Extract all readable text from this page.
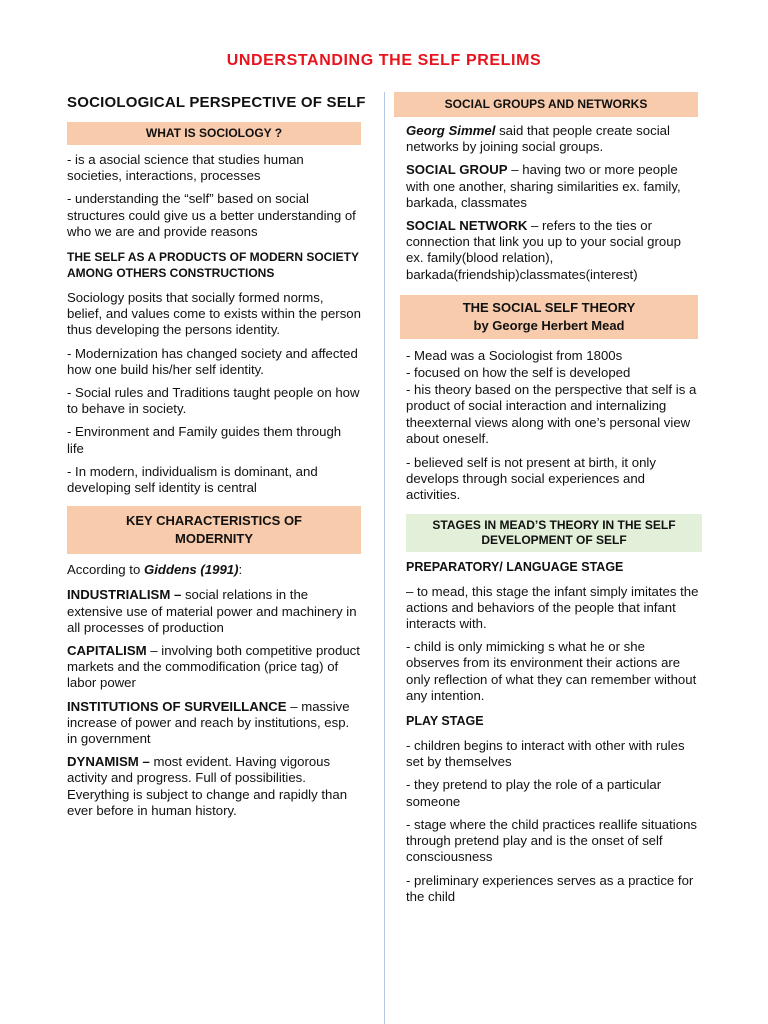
UNDERSTANDING THE SELF PRELIMS
SOCIOLOGICAL PERSPECTIVE OF SELF
WHAT IS SOCIOLOGY ?

- is a asocial science that studies human societies, interactions, processes

- understanding the “self” based on social structures could give us a better understanding of who we are and provide reasons

THE SELF AS A PRODUCTS OF MODERN SOCIETY AMONG OTHERS CONSTRUCTIONS

Sociology posits that socially formed norms, belief, and values come to exists within the person thus developing the persons identity.

- Modernization has changed society and affected how one build his/her self identity.

- Social rules and Traditions taught people on how to behave in society.

- Environment and Family guides them through life

- In modern, individualism is dominant, and developing self identity is central

KEY CHARACTERISTICS OF MODERNITY

According to Giddens (1991):

INDUSTRIALISM – social relations in the extensive use of material power and machinery in all processes of production

CAPITALISM – involving both competitive product markets and the commodification (price tag) of labor power

INSTITUTIONS OF SURVEILLANCE – massive increase of power and reach by institutions, esp. in government

DYNAMISM – most evident. Having vigorous activity and progress. Full of possibilities. Everything is subject to change and rapidly than ever before in human history.

SOCIAL GROUPS AND NETWORKS

Georg Simmel said that people create social networks by joining social groups.

SOCIAL GROUP – having two or more people with one another, sharing similarities ex. family, barkada, classmates

SOCIAL NETWORK – refers to the ties or connection that link you up to your social group ex. family(blood relation), barkada(friendship)classmates(interest)

THE SOCIAL SELF THEORY
by George Herbert Mead

- Mead was a Sociologist from 1800s

- focused on how the self is developed

- his theory based on the perspective that self is a product of social interaction and internalizing theexternal views along with one’s personal view about oneself.

- believed self is not present at birth, it only develops through social experiences and activities.

STAGES IN MEAD’S THEORY IN THE SELF DEVELOPMENT OF SELF

PREPARATORY/ LANGUAGE STAGE

– to mead, this stage the infant simply imitates the actions and behaviors of the people that infant interacts with.

- child is only mimicking s what he or she observes from its environment their actions are only reflection of what they can remember without any intention.

PLAY STAGE

- children begins to interact with other with rules set by themselves

- they pretend to play the role of a particular someone

- stage where the child practices reallife situations through pretend play and is the onset of self consciousness

- preliminary experiences serves as a practice for the child
